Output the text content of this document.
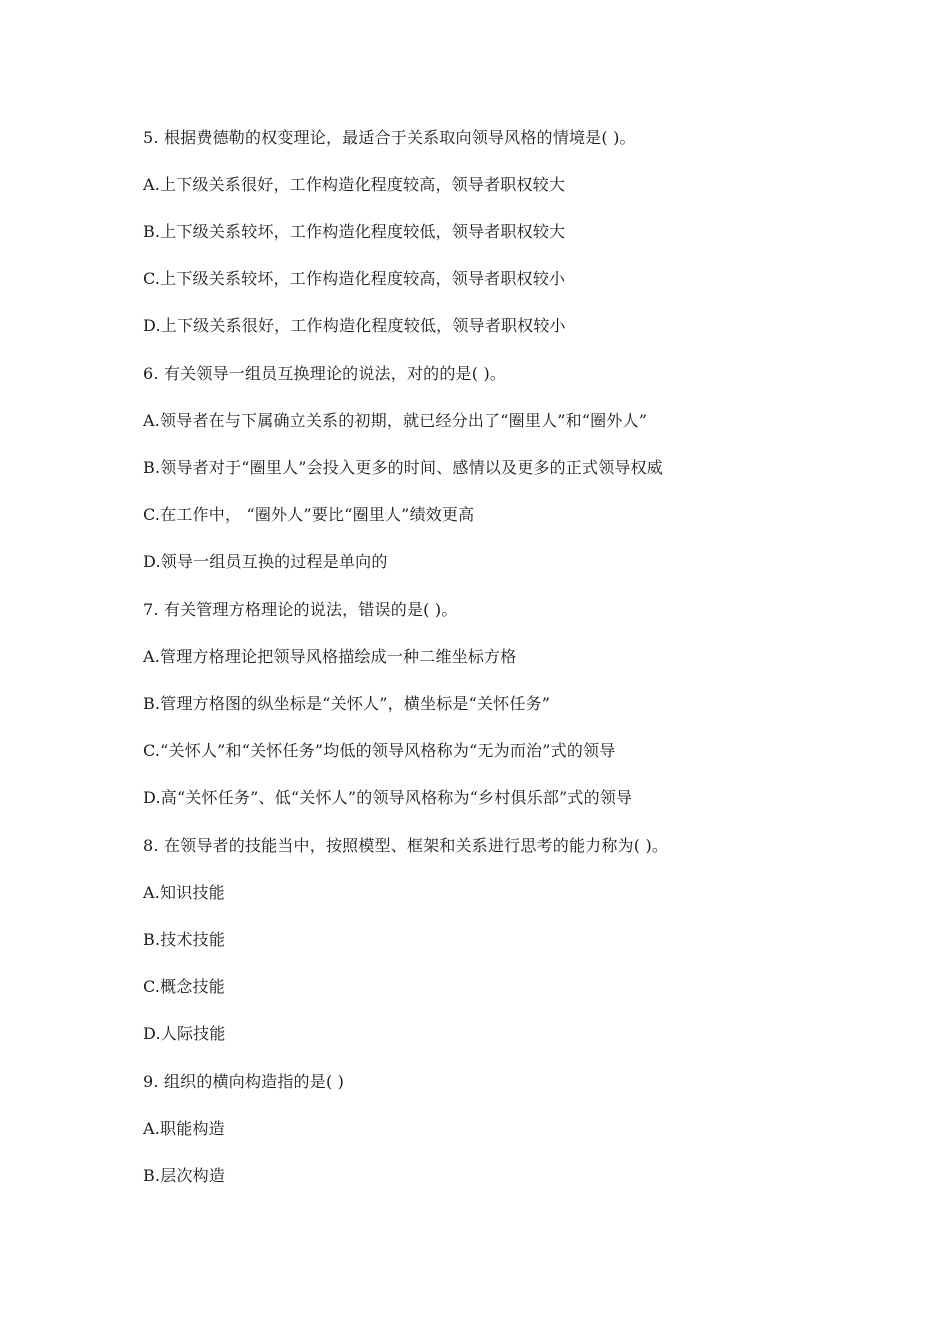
5. 根据费德勒的权变理论，最适合于关系取向领导风格的情境是( )。
A.上下级关系很好，工作构造化程度较高，领导者职权较大
B.上下级关系较坏，工作构造化程度较低，领导者职权较大
C.上下级关系较坏，工作构造化程度较高，领导者职权较小
D.上下级关系很好，工作构造化程度较低，领导者职权较小
6. 有关领导一组员互换理论的说法，对的的是( )。
A.领导者在与下属确立关系的初期，就已经分出了“圈里人”和“圈外人”
B.领导者对于“圈里人”会投入更多的时间、感情以及更多的正式领导权威
C.在工作中， “圈外人”要比“圈里人”绩效更高
D.领导一组员互换的过程是单向的
7. 有关管理方格理论的说法，错误的是( )。
A.管理方格理论把领导风格描绘成一种二维坐标方格
B.管理方格图的纵坐标是“关怀人”，横坐标是“关怀任务”
C.“关怀人”和“关怀任务”均低的领导风格称为“无为而治”式的领导
D.高“关怀任务”、低“关怀人”的领导风格称为“乡村俱乐部”式的领导
8. 在领导者的技能当中，按照模型、框架和关系进行思考的能力称为( )。
A.知识技能
B.技术技能
C.概念技能
D.人际技能
9. 组织的横向构造指的是( )
A.职能构造
B.层次构造
